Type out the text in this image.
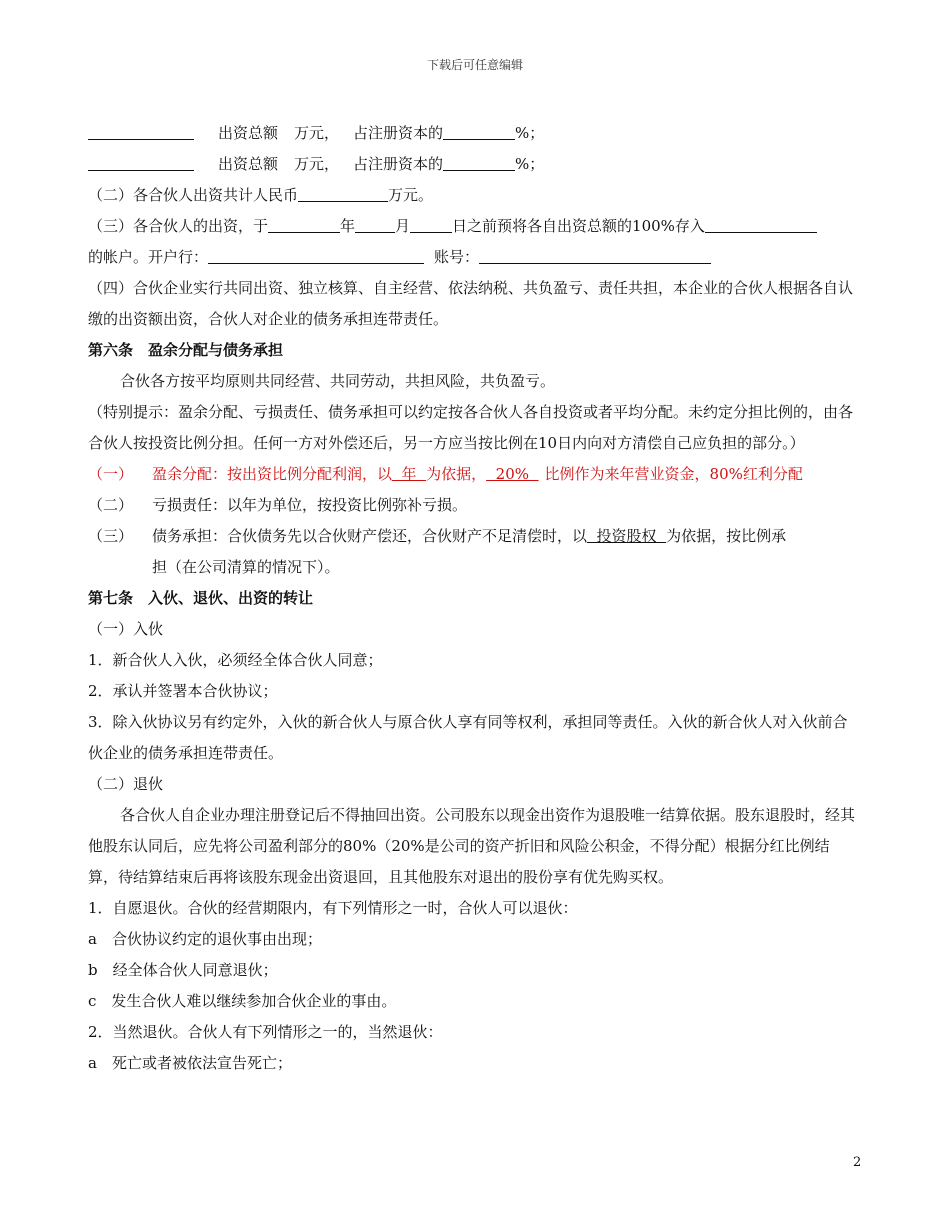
下载后可任意编辑
出资总额 万元， 占注册资本的	%；
出资总额 万元， 占注册资本的	%；
（二）各合伙人出资共计人民币	万元。
（三）各合伙人的出资，于	年	月	日之前预将各自出资总额的100%存入
的帐户。开户行：	账号：
（四）合伙企业实行共同出资、独立核算、自主经营、依法纳税、共负盈亏、责任共担，本企业的合伙人根据各自认缴的出资额出资，合伙人对企业的债务承担连带责任。
第六条　盈余分配与债务承担
合伙各方按平均原则共同经营、共同劳动，共担风险，共负盈亏。
（特别提示：盈余分配、亏损责任、债务承担可以约定按各合伙人各自投资或者平均分配。未约定分担比例的，由各合伙人按投资比例分担。任何一方对外偿还后，另一方应当按比例在10日内向对方清偿自己应负担的部分。）
（一） 盈余分配：按出资比例分配利润，以  年  为依据，  20%  比例作为来年营业资金，80%红利分配
（二） 亏损责任：以年为单位，按投资比例弥补亏损。
（三） 债务承担：合伙债务先以合伙财产偿还，合伙财产不足清偿时，以  投资股权  为依据，按比例承
担（在公司清算的情况下）。
第七条　入伙、退伙、出资的转让
（一）入伙
1．新合伙人入伙，必须经全体合伙人同意；
2．承认并签署本合伙协议；
3．除入伙协议另有约定外，入伙的新合伙人与原合伙人享有同等权利，承担同等责任。入伙的新合伙人对入伙前合伙企业的债务承担连带责任。
（二）退伙
各合伙人自企业办理注册登记后不得抽回出资。公司股东以现金出资作为退股唯一结算依据。股东退股时，经其他股东认同后，应先将公司盈利部分的80%（20%是公司的资产折旧和风险公积金，不得分配）根据分红比例结算，待结算结束后再将该股东现金出资退回，且其他股东对退出的股份享有优先购买权。
1．自愿退伙。合伙的经营期限内，有下列情形之一时，合伙人可以退伙：
a　合伙协议约定的退伙事由出现；
b　经全体合伙人同意退伙；
c　发生合伙人难以继续参加合伙企业的事由。
2．当然退伙。合伙人有下列情形之一的，当然退伙：
a　死亡或者被依法宣告死亡；
2
